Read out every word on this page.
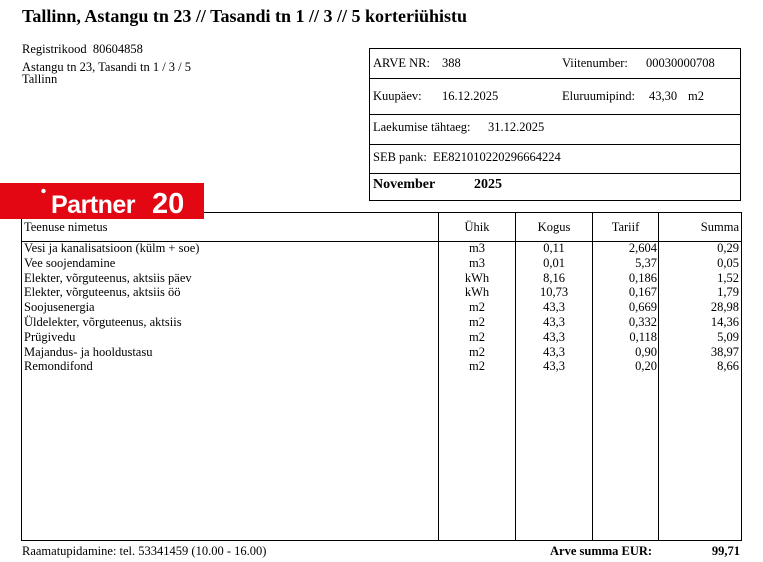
Tallinn, Astangu tn 23 // Tasandi tn 1 // 3 // 5 korteriühistu
Registrikood 80604858
Astangu tn 23, Tasandi tn 1 / 3 / 5
Tallinn
ARVE NR: 388	Viitenumber: 00030000708
Kuupäev: 16.12.2025	Eluruumipind: 43,30 m2
Laekumise tähtaeg: 31.12.2025
SEB pank: EE821010220296664224
November	2025
Teenuse nimetus	Ühik	Kogus	Tariif	Summa
Vesi ja kanalisatsioon (külm + soe)	m3	0,11	2,604	0,29
Vee soojendamine	m3	0,01	5,37	0,05
Elekter, võrguteenus, aktsiis päev	kWh	8,16	0,186	1,52
Elekter, võrguteenus, aktsiis öö	kWh	10,73	0,167	1,79
Soojusenergia	m2	43,3	0,669	28,98
Üldelekter, võrguteenus, aktsiis	m2	43,3	0,332	14,36
Prügivedu	m2	43,3	0,118	5,09
Majandus- ja hooldustasu	m2	43,3	0,90	38,97
Remondifond	m2	43,3	0,20	8,66
Partner 20
Raamatupidamine: tel. 53341459 (10.00 - 16.00)	Arve summa EUR:	99,71
